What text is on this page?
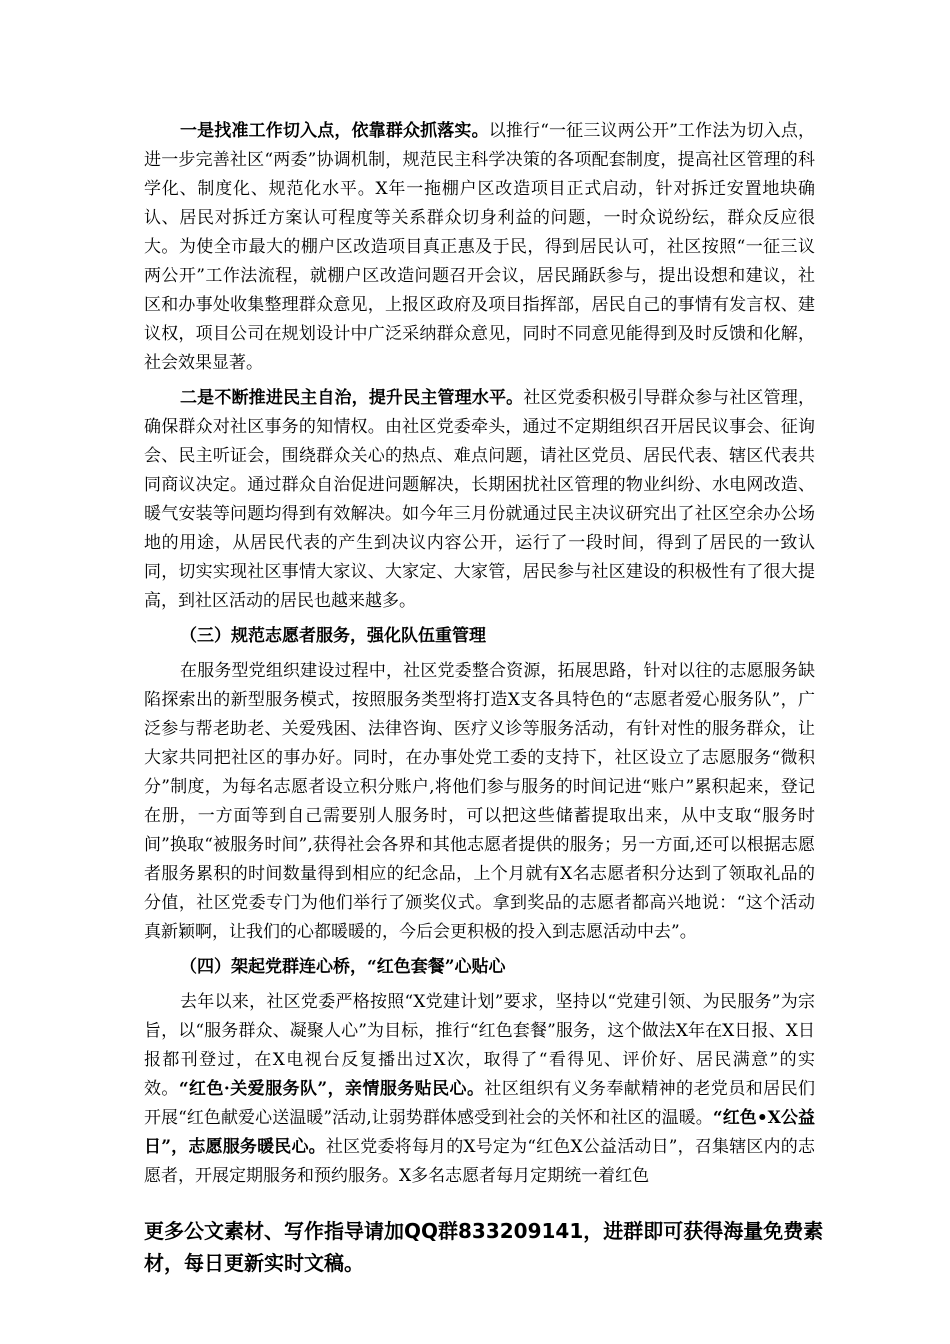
一是找准工作切入点，依靠群众抓落实。以推行“一征三议两公开”工作法为切入点，进一步完善社区“两委”协调机制，规范民主科学决策的各项配套制度，提高社区管理的科学化、制度化、规范化水平。X年一拖棚户区改造项目正式启动，针对拆迁安置地块确认、居民对拆迁方案认可程度等关系群众切身利益的问题，一时众说纷纭，群众反应很大。为使全市最大的棚户区改造项目真正惠及于民，得到居民认可，社区按照“一征三议两公开”工作法流程，就棚户区改造问题召开会议，居民踊跃参与，提出设想和建议，社区和办事处收集整理群众意见，上报区政府及项目指挥部，居民自己的事情有发言权、建议权，项目公司在规划设计中广泛采纳群众意见，同时不同意见能得到及时反馈和化解，社会效果显著。

二是不断推进民主自治，提升民主管理水平。社区党委积极引导群众参与社区管理，确保群众对社区事务的知情权。由社区党委牵头，通过不定期组织召开居民议事会、征询会、民主听证会，围绕群众关心的热点、难点问题，请社区党员、居民代表、辖区代表共同商议决定。通过群众自治促进问题解决，长期困扰社区管理的物业纠纷、水电网改造、暖气安装等问题均得到有效解决。如今年三月份就通过民主决议研究出了社区空余办公场地的用途，从居民代表的产生到决议内容公开，运行了一段时间，得到了居民的一致认同，切实实现社区事情大家议、大家定、大家管，居民参与社区建设的积极性有了很大提高，到社区活动的居民也越来越多。

（三）规范志愿者服务，强化队伍重管理

在服务型党组织建设过程中，社区党委整合资源，拓展思路，针对以往的志愿服务缺陷探索出的新型服务模式，按照服务类型将打造X支各具特色的“志愿者爱心服务队”，广泛参与帮老助老、关爱残困、法律咨询、医疗义诊等服务活动，有针对性的服务群众，让大家共同把社区的事办好。同时，在办事处党工委的支持下，社区设立了志愿服务“微积分”制度，为每名志愿者设立积分账户,将他们参与服务的时间记进“账户”累积起来，登记在册，一方面等到自己需要别人服务时，可以把这些储蓄提取出来，从中支取“服务时间”换取“被服务时间”,获得社会各界和其他志愿者提供的服务；另一方面,还可以根据志愿者服务累积的时间数量得到相应的纪念品，上个月就有X名志愿者积分达到了领取礼品的分值，社区党委专门为他们举行了颁奖仪式。拿到奖品的志愿者都高兴地说：“这个活动真新颖啊，让我们的心都暖暖的，今后会更积极的投入到志愿活动中去”。

（四）架起党群连心桥，“红色套餐”心贴心

去年以来，社区党委严格按照“X党建计划”要求，坚持以“党建引领、为民服务”为宗旨，以“服务群众、凝聚人心”为目标，推行“红色套餐”服务，这个做法X年在X日报、X日报都刊登过，在X电视台反复播出过X次，取得了“看得见、评价好、居民满意”的实效。“红色·关爱服务队”，亲情服务贴民心。社区组织有义务奉献精神的老党员和居民们开展“红色献爱心送温暖”活动,让弱势群体感受到社会的关怀和社区的温暖。“红色•X公益日”，志愿服务暖民心。社区党委将每月的X号定为“红色X公益活动日”，召集辖区内的志愿者，开展定期服务和预约服务。X多名志愿者每月定期统一着红色

更多公文素材、写作指导请加QQ群833209141，进群即可获得海量免费素材，每日更新实时文稿。
